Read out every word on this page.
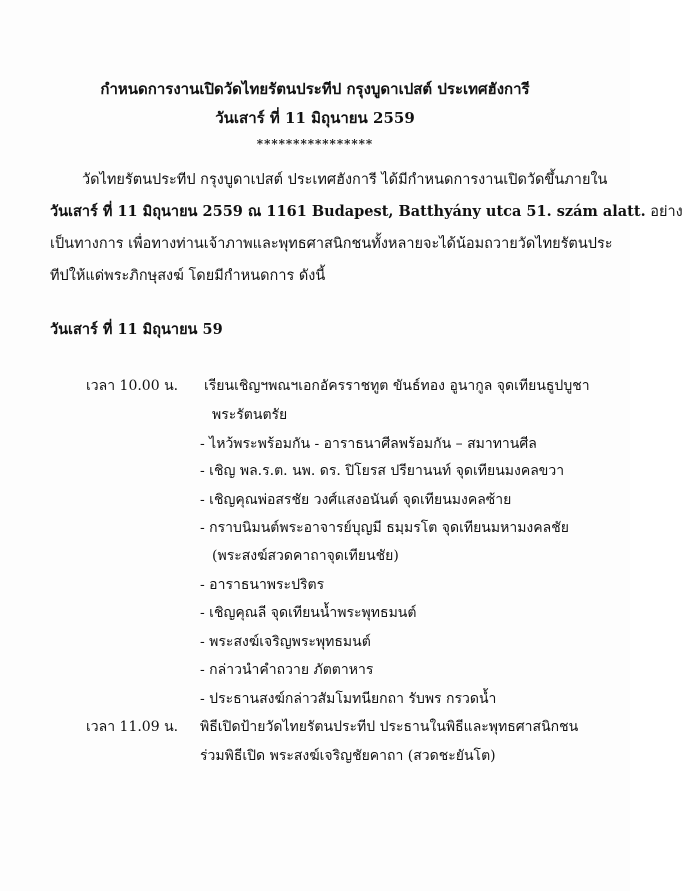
กำหนดการงานเปิดวัดไทยรัตนประทีป กรุงบูดาเปสต์ ประเทศฮังการี
วันเสาร์ ที่ 11 มิถุนายน 2559
****************
วัดไทยรัตนประทีป กรุงบูดาเปสต์ ประเทศฮังการี ได้มีกำหนดการงานเปิดวัดขึ้นภายใน
วันเสาร์ ที่ 11 มิถุนายน 2559 ณ 1161 Budapest, Batthyány utca 51. szám alatt. อย่าง
เป็นทางการ เพื่อทางท่านเจ้าภาพและพุทธศาสนิกชนทั้งหลายจะได้น้อมถวายวัดไทยรัตนประ
ทีปให้แด่พระภิกษุสงฆ์ โดยมีกำหนดการ ดังนี้
วันเสาร์ ที่ 11 มิถุนายน 59
เวลา 10.00 น. เรียนเชิญฯพณฯเอกอัครราชทูต ขันธ์ทอง อูนากูล จุดเทียนธูปบูชา
พระรัตนตรัย
- ไหว้พระพร้อมกัน - อาราธนาศีลพร้อมกัน – สมาทานศีล
- เชิญ พล.ร.ต. นพ. ดร. ปิโยรส ปรียานนท์ จุดเทียนมงคลขวา
- เชิญคุณพ่อสรชัย วงศ์แสงอนันต์ จุดเทียนมงคลซ้าย
- กราบนิมนต์พระอาจารย์บุญมี ธมฺมรโต จุดเทียนมหามงคลชัย
(พระสงฆ์สวดคาถาจุดเทียนชัย)
- อาราธนาพระปริตร
- เชิญคุณลี จุดเทียนน้ำพระพุทธมนต์
- พระสงฆ์เจริญพระพุทธมนต์
- กล่าวนำคำถวาย ภัตตาหาร
- ประธานสงฆ์กล่าวสัมโมทนียกถา รับพร กรวดน้ำ
เวลา 11.09 น. พิธีเปิดป้ายวัดไทยรัตนประทีป ประธานในพิธีและพุทธศาสนิกชน
ร่วมพิธีเปิด พระสงฆ์เจริญชัยคาถา (สวดชะยันโต)
